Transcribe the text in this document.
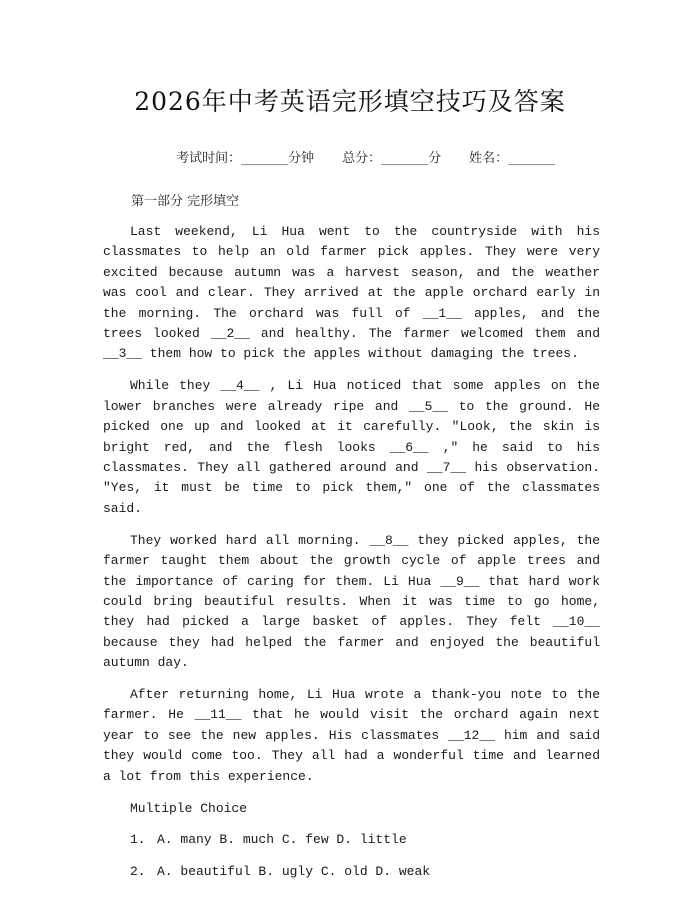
2026年中考英语完形填空技巧及答案

考试时间：______分钟 总分：______分 姓名：______

第一部分 完形填空

Last weekend, Li Hua went to the countryside with his classmates to help an old farmer pick apples. They were very excited because autumn was a harvest season, and the weather was cool and clear. They arrived at the apple orchard early in the morning. The orchard was full of __1__ apples, and the trees looked __2__ and healthy. The farmer welcomed them and __3__ them how to pick the apples without damaging the trees.

While they __4__ , Li Hua noticed that some apples on the lower branches were already ripe and __5__ to the ground. He picked one up and looked at it carefully. "Look, the skin is bright red, and the flesh looks __6__ ," he said to his classmates. They all gathered around and __7__ his observation. "Yes, it must be time to pick them," one of the classmates said.

They worked hard all morning. __8__ they picked apples, the farmer taught them about the growth cycle of apple trees and the importance of caring for them. Li Hua __9__ that hard work could bring beautiful results. When it was time to go home, they had picked a large basket of apples. They felt __10__ because they had helped the farmer and enjoyed the beautiful autumn day.

After returning home, Li Hua wrote a thank-you note to the farmer. He __11__ that he would visit the orchard again next year to see the new apples. His classmates __12__ him and said they would come too. They all had a wonderful time and learned a lot from this experience.

Multiple Choice
1. A. many B. much C. few D. little
2. A. beautiful B. ugly C. old D. weak
